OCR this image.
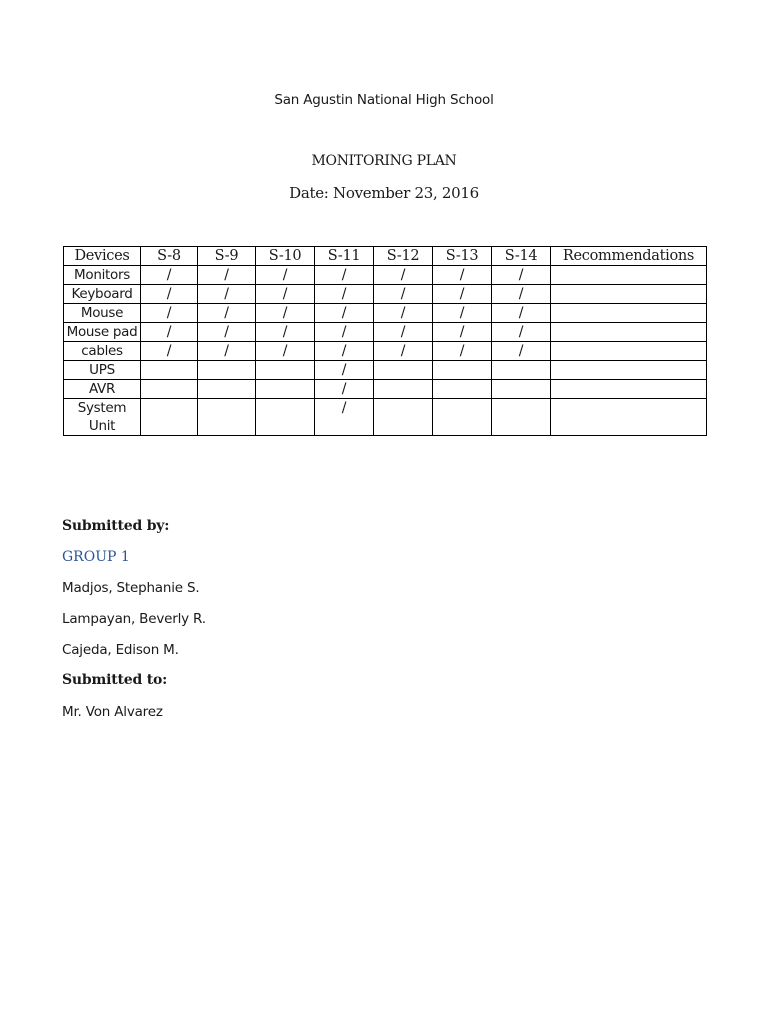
San Agustin National High School
MONITORING PLAN
Date: November 23, 2016
Devices	S-8	S-9	S-10	S-11	S-12	S-13	S-14	Recommendations
Monitors	/	/	/	/	/	/	/	
Keyboard	/	/	/	/	/	/	/	
Mouse	/	/	/	/	/	/	/	
Mouse pad	/	/	/	/	/	/	/	
cables	/	/	/	/	/	/	/	
UPS				/				
AVR				/				
System Unit				/				
Submitted by:
GROUP 1
Madjos, Stephanie S.
Lampayan, Beverly R.
Cajeda, Edison M.
Submitted to:
Mr. Von Alvarez
